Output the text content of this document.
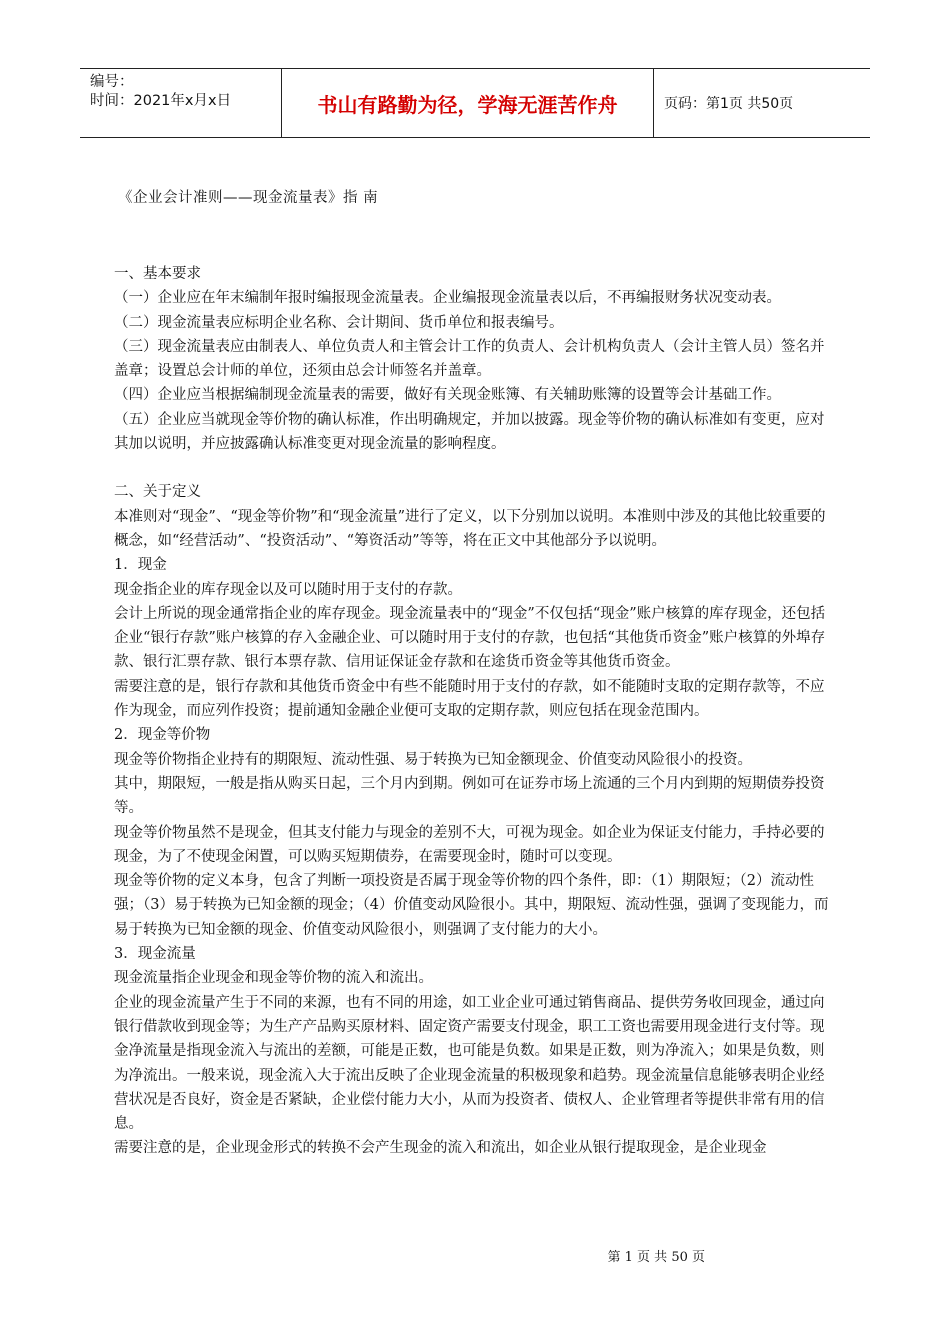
编号：
时间：2021年x月x日	书山有路勤为径，学海无涯苦作舟	页码：第1页 共50页
《企业会计准则——现金流量表》指 南

一、基本要求

（一）企业应在年末编制年报时编报现金流量表。企业编报现金流量表以后，不再编报财务状况变动表。

（二）现金流量表应标明企业名称、会计期间、货币单位和报表编号。

（三）现金流量表应由制表人、单位负责人和主管会计工作的负责人、会计机构负责人（会计主管人员）签名并盖章；设置总会计师的单位，还须由总会计师签名并盖章。

（四）企业应当根据编制现金流量表的需要，做好有关现金账簿、有关辅助账簿的设置等会计基础工作。

（五）企业应当就现金等价物的确认标准，作出明确规定，并加以披露。现金等价物的确认标准如有变更，应对其加以说明，并应披露确认标准变更对现金流量的影响程度。

二、关于定义

本准则对“现金”、“现金等价物”和“现金流量”进行了定义，以下分别加以说明。本准则中涉及的其他比较重要的概念，如“经营活动”、“投资活动”、“筹资活动”等等，将在正文中其他部分予以说明。

1．现金

现金指企业的库存现金以及可以随时用于支付的存款。

会计上所说的现金通常指企业的库存现金。现金流量表中的“现金”不仅包括“现金”账户核算的库存现金，还包括企业“银行存款”账户核算的存入金融企业、可以随时用于支付的存款，也包括“其他货币资金”账户核算的外埠存款、银行汇票存款、银行本票存款、信用证保证金存款和在途货币资金等其他货币资金。

需要注意的是，银行存款和其他货币资金中有些不能随时用于支付的存款，如不能随时支取的定期存款等，不应作为现金，而应列作投资；提前通知金融企业便可支取的定期存款，则应包括在现金范围内。

2．现金等价物

现金等价物指企业持有的期限短、流动性强、易于转换为已知金额现金、价值变动风险很小的投资。

其中，期限短，一般是指从购买日起，三个月内到期。例如可在证券市场上流通的三个月内到期的短期债券投资等。

现金等价物虽然不是现金，但其支付能力与现金的差别不大，可视为现金。如企业为保证支付能力，手持必要的现金，为了不使现金闲置，可以购买短期债券，在需要现金时，随时可以变现。

现金等价物的定义本身，包含了判断一项投资是否属于现金等价物的四个条件，即：（1）期限短；（2）流动性强；（3）易于转换为已知金额的现金；（4）价值变动风险很小。其中，期限短、流动性强，强调了变现能力，而易于转换为已知金额的现金、价值变动风险很小，则强调了支付能力的大小。

3．现金流量

现金流量指企业现金和现金等价物的流入和流出。

企业的现金流量产生于不同的来源，也有不同的用途，如工业企业可通过销售商品、提供劳务收回现金，通过向银行借款收到现金等；为生产产品购买原材料、固定资产需要支付现金，职工工资也需要用现金进行支付等。现金净流量是指现金流入与流出的差额，可能是正数，也可能是负数。如果是正数，则为净流入；如果是负数，则为净流出。一般来说，现金流入大于流出反映了企业现金流量的积极现象和趋势。现金流量信息能够表明企业经营状况是否良好，资金是否紧缺，企业偿付能力大小，从而为投资者、债权人、企业管理者等提供非常有用的信息。

需要注意的是，企业现金形式的转换不会产生现金的流入和流出，如企业从银行提取现金，是企业现金

第 1 页 共 50 页
